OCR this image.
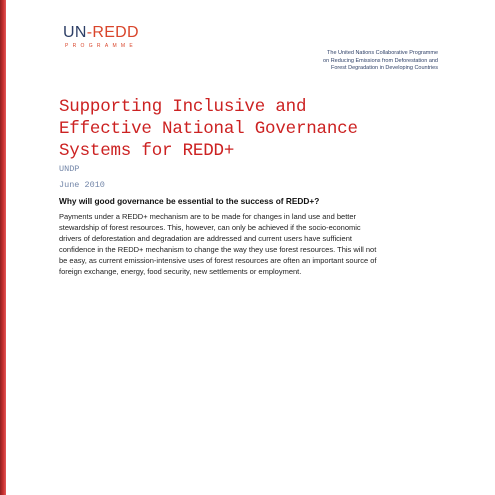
UN-REDD
PROGRAMME
The United Nations Collaborative Programme
on Reducing Emissions from Deforestation and
Forest Degradation in Developing Countries
Supporting Inclusive and
Effective National Governance
Systems for REDD+
UNDP
June 2010

Why will good governance be essential to the success of REDD+?

Payments under a REDD+ mechanism are to be made for changes in land use and better
stewardship of forest resources. This, however, can only be achieved if the socio-economic
drivers of deforestation and degradation are addressed and current users have sufficient
confidence in the REDD+ mechanism to change the way they use forest resources. This will not
be easy, as current emission-intensive uses of forest resources are often an important source of
foreign exchange, energy, food security, new settlements or employment.
